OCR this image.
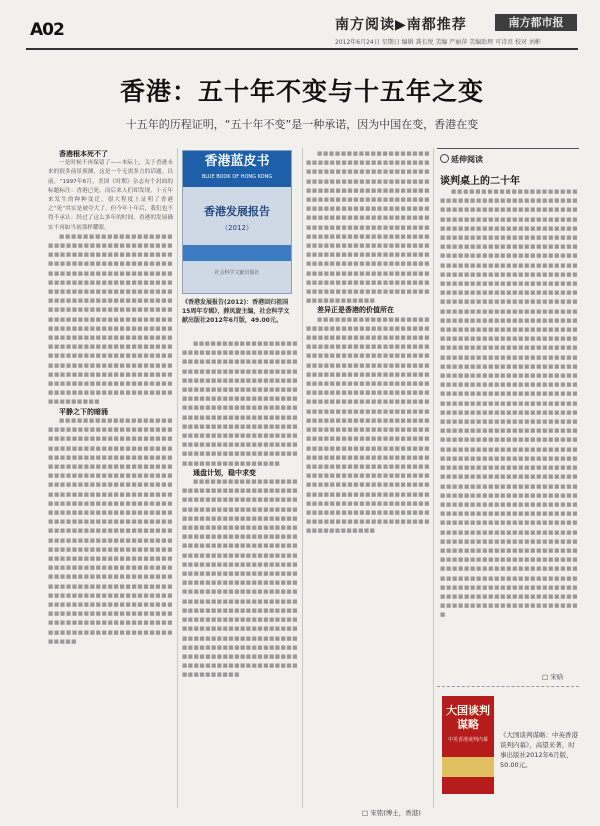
A02	南方阅读▶南都推荐	南方都市报
2012年6月24日 星期日 编辑 龚长悦 美编 严丽萍 美编助理 可诗君 校对 刘彬
香港：五十年不变与十五年之变
十五年的历程证明，“五十年不变”是一种承诺，因为中国在变，香港在变

香港根本死不了

一是时候不再保留了——本际上，关于香港未来的很多前景预测，这是一个无需多言的话题。以前，“1997年6月，美国《时期》杂志有个封面的标题标注：香港已死。而后来人们却发现，十五年来发生的种种变迁，很大程度上证明了香港之“死”其实是被夸大了。但今年十年后，我们也不得不承认：经过了这么多年的时间，香港的发展确实不再如当初那样耀眼。

■■■■■■■■■■■■■■■■■■■■■■■■■■■■■■■■■■■■■■■■■■■■■■■■■■■■■■■■■■■■■■■■■■■■■■■■■■■■■■■■■■■■■■■■■■■■■■■■■■■■■■■■■■■■■■■■■■■■■■■■■■■■■■■■■■■■■■■■■■■■■■■■■■■■■■■■■■■■■■■■■■■■■■■■■■■■■■■■■■■■■■■■■■■■■■■■■■■■■■■■■■■■■■■■■■■■■■■■■■■■■■■■■■■■■■■■■■■■■■■■■■■■■■■■■■■■■■■■■■■■■■■■■■■■■■■■■■■■■■■■■■■■■■■■■■■■■■■■■■■■■■■■■■■■■■■■■■■■■■■■■■■■■■■■■■■■■■■■■■■■■■■■■■■■■■■■■■■■■■■■■■■■■■■■■■■■■■■■■■■■■■■■■

平静之下的暗涌

■■■■■■■■■■■■■■■■■■■■■■■■■■■■■■■■■■■■■■■■■■■■■■■■■■■■■■■■■■■■■■■■■■■■■■■■■■■■■■■■■■■■■■■■■■■■■■■■■■■■■■■■■■■■■■■■■■■■■■■■■■■■■■■■■■■■■■■■■■■■■■■■■■■■■■■■■■■■■■■■■■■■■■■■■■■■■■■■■■■■■■■■■■■■■■■■■■■■■■■■■■■■■■■■■■■■■■■■■■■■■■■■■■■■■■■■■■■■■■■■■■■■■■■■■■■■■■■■■■■■■■■■■■■■■■■■■■■■■■■■■■■■■■■■■■■■■■■■■■■■■■■■■■■■■■■■■■■■■■■■■■■■■■■■■■■■■■■■■■■■■■■■■■■■■■■■■■■■■■■■■■■■■■■■■■■■■■■■■■■■■■■■■■■■■■■■■■■■■■■■■■■■■■■■■■■■■■■■■■■■■■■■■■■■■■■■■■■■■■■■■■■■■■■■■■■■■■■■■■■■■■■■■■■■■■■■■■■■■■■■■■■■■■■■■■■■■■■■■■■■■■■■■■■

香港蓝皮书
BLUE BOOK OF HONG KONG
香港发展报告
（2012）
社会科学文献出版社
《香港发展报告(2012)：香港回归祖国15周年专辑》，薛凤旋主编，社会科学文献出版社2012年6月版，49.00元。

■■■■■■■■■■■■■■■■■■■■■■■■■■■■■■■■■■■■■■■■■■■■■■■■■■■■■■■■■■■■■■■■■■■■■■■■■■■■■■■■■■■■■■■■■■■■■■■■■■■■■■■■■■■■■■■■■■■■■■■■■■■■■■■■■■■■■■■■■■■■■■■■■■■■■■■■■■■■■■■■■■■■■■■■■■■■■■■■■■■■■■■■■■■■■■■■■■■■■■■■■■■■■■■■■■■■■■■■■■■■■■■■■■■■■■■■■■■■■■■■■■■■■■■■■■■■■■■■■■■■■■■■■■■■■■■■■■■

通盘计划，稳中求变

■■■■■■■■■■■■■■■■■■■■■■■■■■■■■■■■■■■■■■■■■■■■■■■■■■■■■■■■■■■■■■■■■■■■■■■■■■■■■■■■■■■■■■■■■■■■■■■■■■■■■■■■■■■■■■■■■■■■■■■■■■■■■■■■■■■■■■■■■■■■■■■■■■■■■■■■■■■■■■■■■■■■■■■■■■■■■■■■■■■■■■■■■■■■■■■■■■■■■■■■■■■■■■■■■■■■■■■■■■■■■■■■■■■■■■■■■■■■■■■■■■■■■■■■■■■■■■■■■■■■■■■■■■■■■■■■■■■■■■■■■■■■■■■■■■■■■■■■■■■■■■■■■■■■■■■■■■■■■■■■■■■■■■■■■■■■■■■■■■■■■■■■■■■■■■■■■■■■■■■■■■■■■■■■■■■■■■■■■■■■■■■■■■■■■■■■■■■■■■■■■■■■■■■■■■■■■■■■■■■■■■■■■■■■

■■■■■■■■■■■■■■■■■■■■■■■■■■■■■■■■■■■■■■■■■■■■■■■■■■■■■■■■■■■■■■■■■■■■■■■■■■■■■■■■■■■■■■■■■■■■■■■■■■■■■■■■■■■■■■■■■■■■■■■■■■■■■■■■■■■■■■■■■■■■■■■■■■■■■■■■■■■■■■■■■■■■■■■■■■■■■■■■■■■■■■■■■■■■■■■■■■■■■■■■■■■■■■■■■■■■■■■■■■■■■■■■■■■■■■■■■■■■■■■■■■■■■■■■■■■■■■■■■■■■■■■■■■■■■■■■■■■■■■■■■■■■■■■■■■■■■■■■■■■■■■■■■■■■■■■■■■■■■■■■■■■■■■■■■■■■■■■■■■■■■■■■■■

差异正是香港的价值所在

■■■■■■■■■■■■■■■■■■■■■■■■■■■■■■■■■■■■■■■■■■■■■■■■■■■■■■■■■■■■■■■■■■■■■■■■■■■■■■■■■■■■■■■■■■■■■■■■■■■■■■■■■■■■■■■■■■■■■■■■■■■■■■■■■■■■■■■■■■■■■■■■■■■■■■■■■■■■■■■■■■■■■■■■■■■■■■■■■■■■■■■■■■■■■■■■■■■■■■■■■■■■■■■■■■■■■■■■■■■■■■■■■■■■■■■■■■■■■■■■■■■■■■■■■■■■■■■■■■■■■■■■■■■■■■■■■■■■■■■■■■■■■■■■■■■■■■■■■■■■■■■■■■■■■■■■■■■■■■■■■■■■■■■■■■■■■■■■■■■■■■■■■■■■■■■■■■■■■■■■■■■■■■■■■■■■■■■■■■■■■■■■■■■■■■■■■■■■■■■■■■■■■■■■■■■■■■■■■■■■■■■■■■■■■■■■■■■■■■■■■■■■■■■■■■■■■■■■■■■■■■■■■■■■■■■■■■■■■■■■■■■■■■■■■■■■■

□ 宋铭(博士，香港)
延伸阅读
谈判桌上的二十年

■■■■■■■■■■■■■■■■■■■■■■■■■■■■■■■■■■■■■■■■■■■■■■■■■■■■■■■■■■■■■■■■■■■■■■■■■■■■■■■■■■■■■■■■■■■■■■■■■■■■■■■■■■■■■■■■■■■■■■■■■■■■■■■■■■■■■■■■■■■■■■■■■■■■■■■■■■■■■■■■■■■■■■■■■■■■■■■■■■■■■■■■■■■■■■■■■■■■■■■■■■■■■■■■■■■■■■■■■■■■■■■■■■■■■■■■■■■■■■■■■■■■■■■■■■■■■■■■■■■■■■■■■■■■■■■■■■■■■■■■■■■■■■■■■■■■■■■■■■■■■■■■■■■■■■■■■■■■■■■■■■■■■■■■■■■■■■■■■■■■■■■■■■■■■■■■■■■■■■■■■■■■■■■■■■■■■■■■■■■■■■■■■■■■■■■■■■■■■■■■■■■■■■■■■■■■■■■■■■■■■■■■■■■■■■■■■■■■■■■■■■■■■■■■■■■■■■■■■■■■■■■■■■■■■■■■■■■■■■■■■■■■■■■■■■■■■■■■■■■■■■■■■■■■■■■■■■■■■■■■■■■■■■■■■■■■■■■■■■■■■■■■■■■■■■■■■■■■■■■■■■■■■■■■■■■■■■■■■■■■■■■■■■■■■■■■■■■■■■■■■■■■■■■■■■■■■■■■■■■■■■■■■■■■■■■■■■■■■■■■■■■■■■■■■■■■■■■■■■■■■■■■■■■■■■■■■■■■■■■■■■■■■■■■■■■■■■■■■■■■■■■■■■■■■■■■■■■■■■■■■■■■■■■■■■■■■■■■■■■■■■■■■■■■■■■■■■■■■■■■■■■■■■■■■■■■■■■■■■■■■■■■■■■■■■■■■■■■■■■■■■■■■■■■■■■■■■■■■■■■■■■■■■■■■■■■■■■■■■■■■■■■■■■■■■■■■■■■■■■■■■■■■■■■■■■■■■■■■■■■■■■■■■■■■■■■■■■■■■■■■■■■■■■■■■■■■■■■■■■■■■■■■■■■■■■■■■■■■■■■■■■■■■■■■■■■■■■■■■■■■■■■■■■■■■■■■■■■■■■■■■■■■■■■■■■■■■■■■■■■■■■■■■■■■■■■■■■■■■■■■■■■■■■■■■■■■■■■■■■■■■■■■■■■■■■■■■■■■

□ 宋晗
大国谈判谋略
中英香港谈判内幕
《大国谈判谋略：中英香港谈判内幕》，高望来著，时事出版社2012年6月版，50.00元。
